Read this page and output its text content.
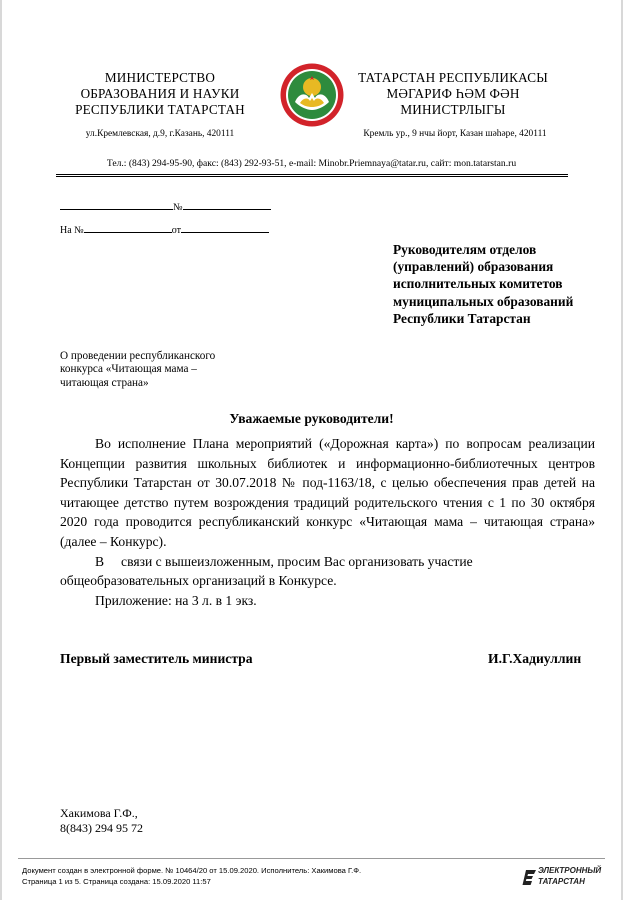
МИНИСТЕРСТВО
ОБРАЗОВАНИЯ И НАУКИ
РЕСПУБЛИКИ ТАТАРСТАН
ТАТАРСТАН РЕСПУБЛИКАСЫ
МӘГАРИФ ҺӘМ ФӘН
МИНИСТРЛЫГЫ
ул.Кремлевская, д.9, г.Казань, 420111	Кремль ур., 9 нчы йорт, Казан шәһәре, 420111
Тел.: (843) 294-95-90, факс: (843) 292-93-51, e-mail: Minobr.Priemnaya@tatar.ru, сайт: mon.tatarstan.ru
№
На №	от
Руководителям отделов
(управлений) образования
исполнительных комитетов
муниципальных образований
Республики Татарстан
О проведении республиканского
конкурса «Читающая мама –
читающая страна»
Уважаемые руководители!

Во исполнение Плана мероприятий («Дорожная карта») по вопросам реализации Концепции развития школьных библиотек и информационно-библиотечных центров Республики Татарстан от 30.07.2018 № под-1163/18, с целью обеспечения прав детей на читающее детство путем возрождения традиций родительского чтения с 1 по 30 октября 2020 года проводится республиканский конкурс «Читающая мама – читающая страна» (далее – Конкурс).

В     связи с вышеизложенным, просим Вас организовать участие

общеобразовательных организаций в Конкурсе.

Приложение: на 3 л. в 1 экз.

Первый заместитель министра	И.Г.Хадиуллин
Хакимова Г.Ф.,
8(843) 294 95 72
Документ создан в электронной форме. № 10464/20 от 15.09.2020. Исполнитель: Хакимова Г.Ф.
Страница 1 из 5. Страница создана: 15.09.2020 11:57
ЭЛЕКТРОННЫЙ
ТАТАРСТАН
